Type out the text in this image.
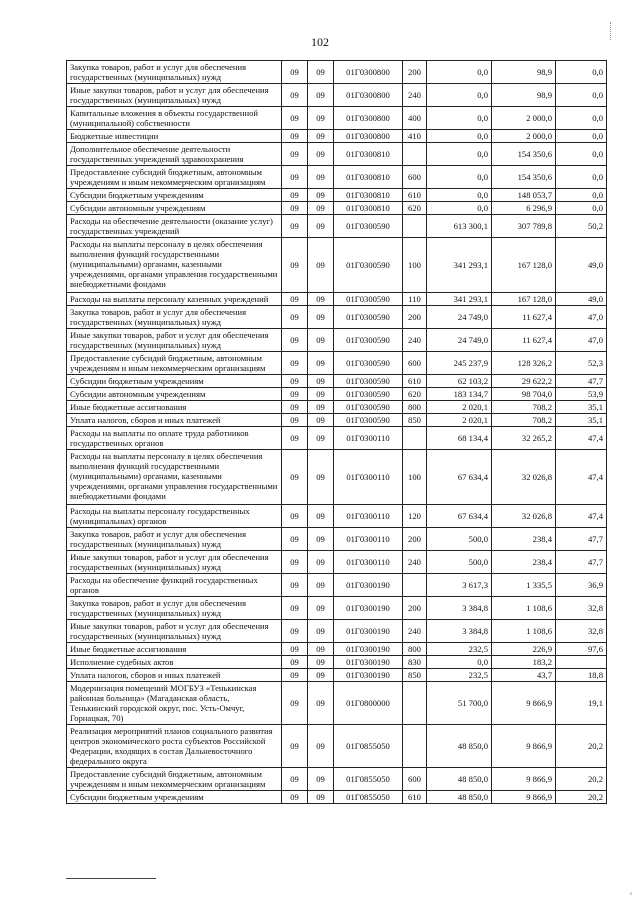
102
Закупка товаров, работ и услуг для обеспечения государственных (муниципальных) нужд	09	09	01Г0300800	200	0,0	98,9	0,0
Иные закупки товаров, работ и услуг для обеспечения государственных (муниципальных) нужд	09	09	01Г0300800	240	0,0	98,9	0,0
Капитальные вложения в объекты государственной (муниципальной) собственности	09	09	01Г0300800	400	0,0	2 000,0	0,0
Бюджетные инвестиции	09	09	01Г0300800	410	0,0	2 000,0	0,0
Дополнительное обеспечение деятельности государственных учреждений здравоохранения	09	09	01Г0300810		0,0	154 350,6	0,0
Предоставление субсидий бюджетным, автономным учреждениям и иным некоммерческим организациям	09	09	01Г0300810	600	0,0	154 350,6	0,0
Субсидии бюджетным учреждениям	09	09	01Г0300810	610	0,0	148 053,7	0,0
Субсидии автономным учреждениям	09	09	01Г0300810	620	0,0	6 296,9	0,0
Расходы на обеспечение деятельности (оказание услуг) государственных учреждений	09	09	01Г0300590		613 300,1	307 789,8	50,2
Расходы на выплаты персоналу в целях обеспечения выполнения функций государственными (муниципальными) органами, казенными учреждениями, органами управления государственными внебюджетными фондами	09	09	01Г0300590	100	341 293,1	167 128,0	49,0
Расходы на выплаты персоналу казенных учреждений	09	09	01Г0300590	110	341 293,1	167 128,0	49,0
Закупка товаров, работ и услуг для обеспечения государственных (муниципальных) нужд	09	09	01Г0300590	200	24 749,0	11 627,4	47,0
Иные закупки товаров, работ и услуг для обеспечения государственных (муниципальных) нужд	09	09	01Г0300590	240	24 749,0	11 627,4	47,0
Предоставление субсидий бюджетным, автономным учреждениям и иным некоммерческим организациям	09	09	01Г0300590	600	245 237,9	128 326,2	52,3
Субсидии бюджетным учреждениям	09	09	01Г0300590	610	62 103,2	29 622,2	47,7
Субсидии автономным учреждениям	09	09	01Г0300590	620	183 134,7	98 704,0	53,9
Иные бюджетные ассигнования	09	09	01Г0300590	800	2 020,1	708,2	35,1
Уплата налогов, сборов и иных платежей	09	09	01Г0300590	850	2 020,1	708,2	35,1
Расходы на выплаты по оплате труда работников государственных органов	09	09	01Г0300110		68 134,4	32 265,2	47,4
Расходы на выплаты персоналу в целях обеспечения выполнения функций государственными (муниципальными) органами, казенными учреждениями, органами управления государственными внебюджетными фондами	09	09	01Г0300110	100	67 634,4	32 026,8	47,4
Расходы на выплаты персоналу государственных (муниципальных) органов	09	09	01Г0300110	120	67 634,4	32 026,8	47,4
Закупка товаров, работ и услуг для обеспечения государственных (муниципальных) нужд	09	09	01Г0300110	200	500,0	238,4	47,7
Иные закупки товаров, работ и услуг для обеспечения государственных (муниципальных) нужд	09	09	01Г0300110	240	500,0	238,4	47,7
Расходы на обеспечение функций государственных органов	09	09	01Г0300190		3 617,3	1 335,5	36,9
Закупка товаров, работ и услуг для обеспечения государственных (муниципальных) нужд	09	09	01Г0300190	200	3 384,8	1 108,6	32,8
Иные закупки товаров, работ и услуг для обеспечения государственных (муниципальных) нужд	09	09	01Г0300190	240	3 384,8	1 108,6	32,8
Иные бюджетные ассигнования	09	09	01Г0300190	800	232,5	226,9	97,6
Исполнение судебных актов	09	09	01Г0300190	830	0,0	183,2	
Уплата налогов, сборов и иных платежей	09	09	01Г0300190	850	232,5	43,7	18,8
Модернизация помещений МОГБУЗ «Тенькинская районная больница» (Магаданская область, Тенькинский городской округ, пос. Усть-Омчуг, Горнацкая, 70)	09	09	01Г0800000		51 700,0	9 866,9	19,1
Реализация мероприятий планов социального развития центров экономического роста субъектов Российской Федерации, входящих в состав Дальневосточного федерального округа	09	09	01Г0855050		48 850,0	9 866,9	20,2
Предоставление субсидий бюджетным, автономным учреждениям и иным некоммерческим организациям	09	09	01Г0855050	600	48 850,0	9 866,9	20,2
Субсидии бюджетным учреждениям	09	09	01Г0855050	610	48 850,0	9 866,9	20,2
s
